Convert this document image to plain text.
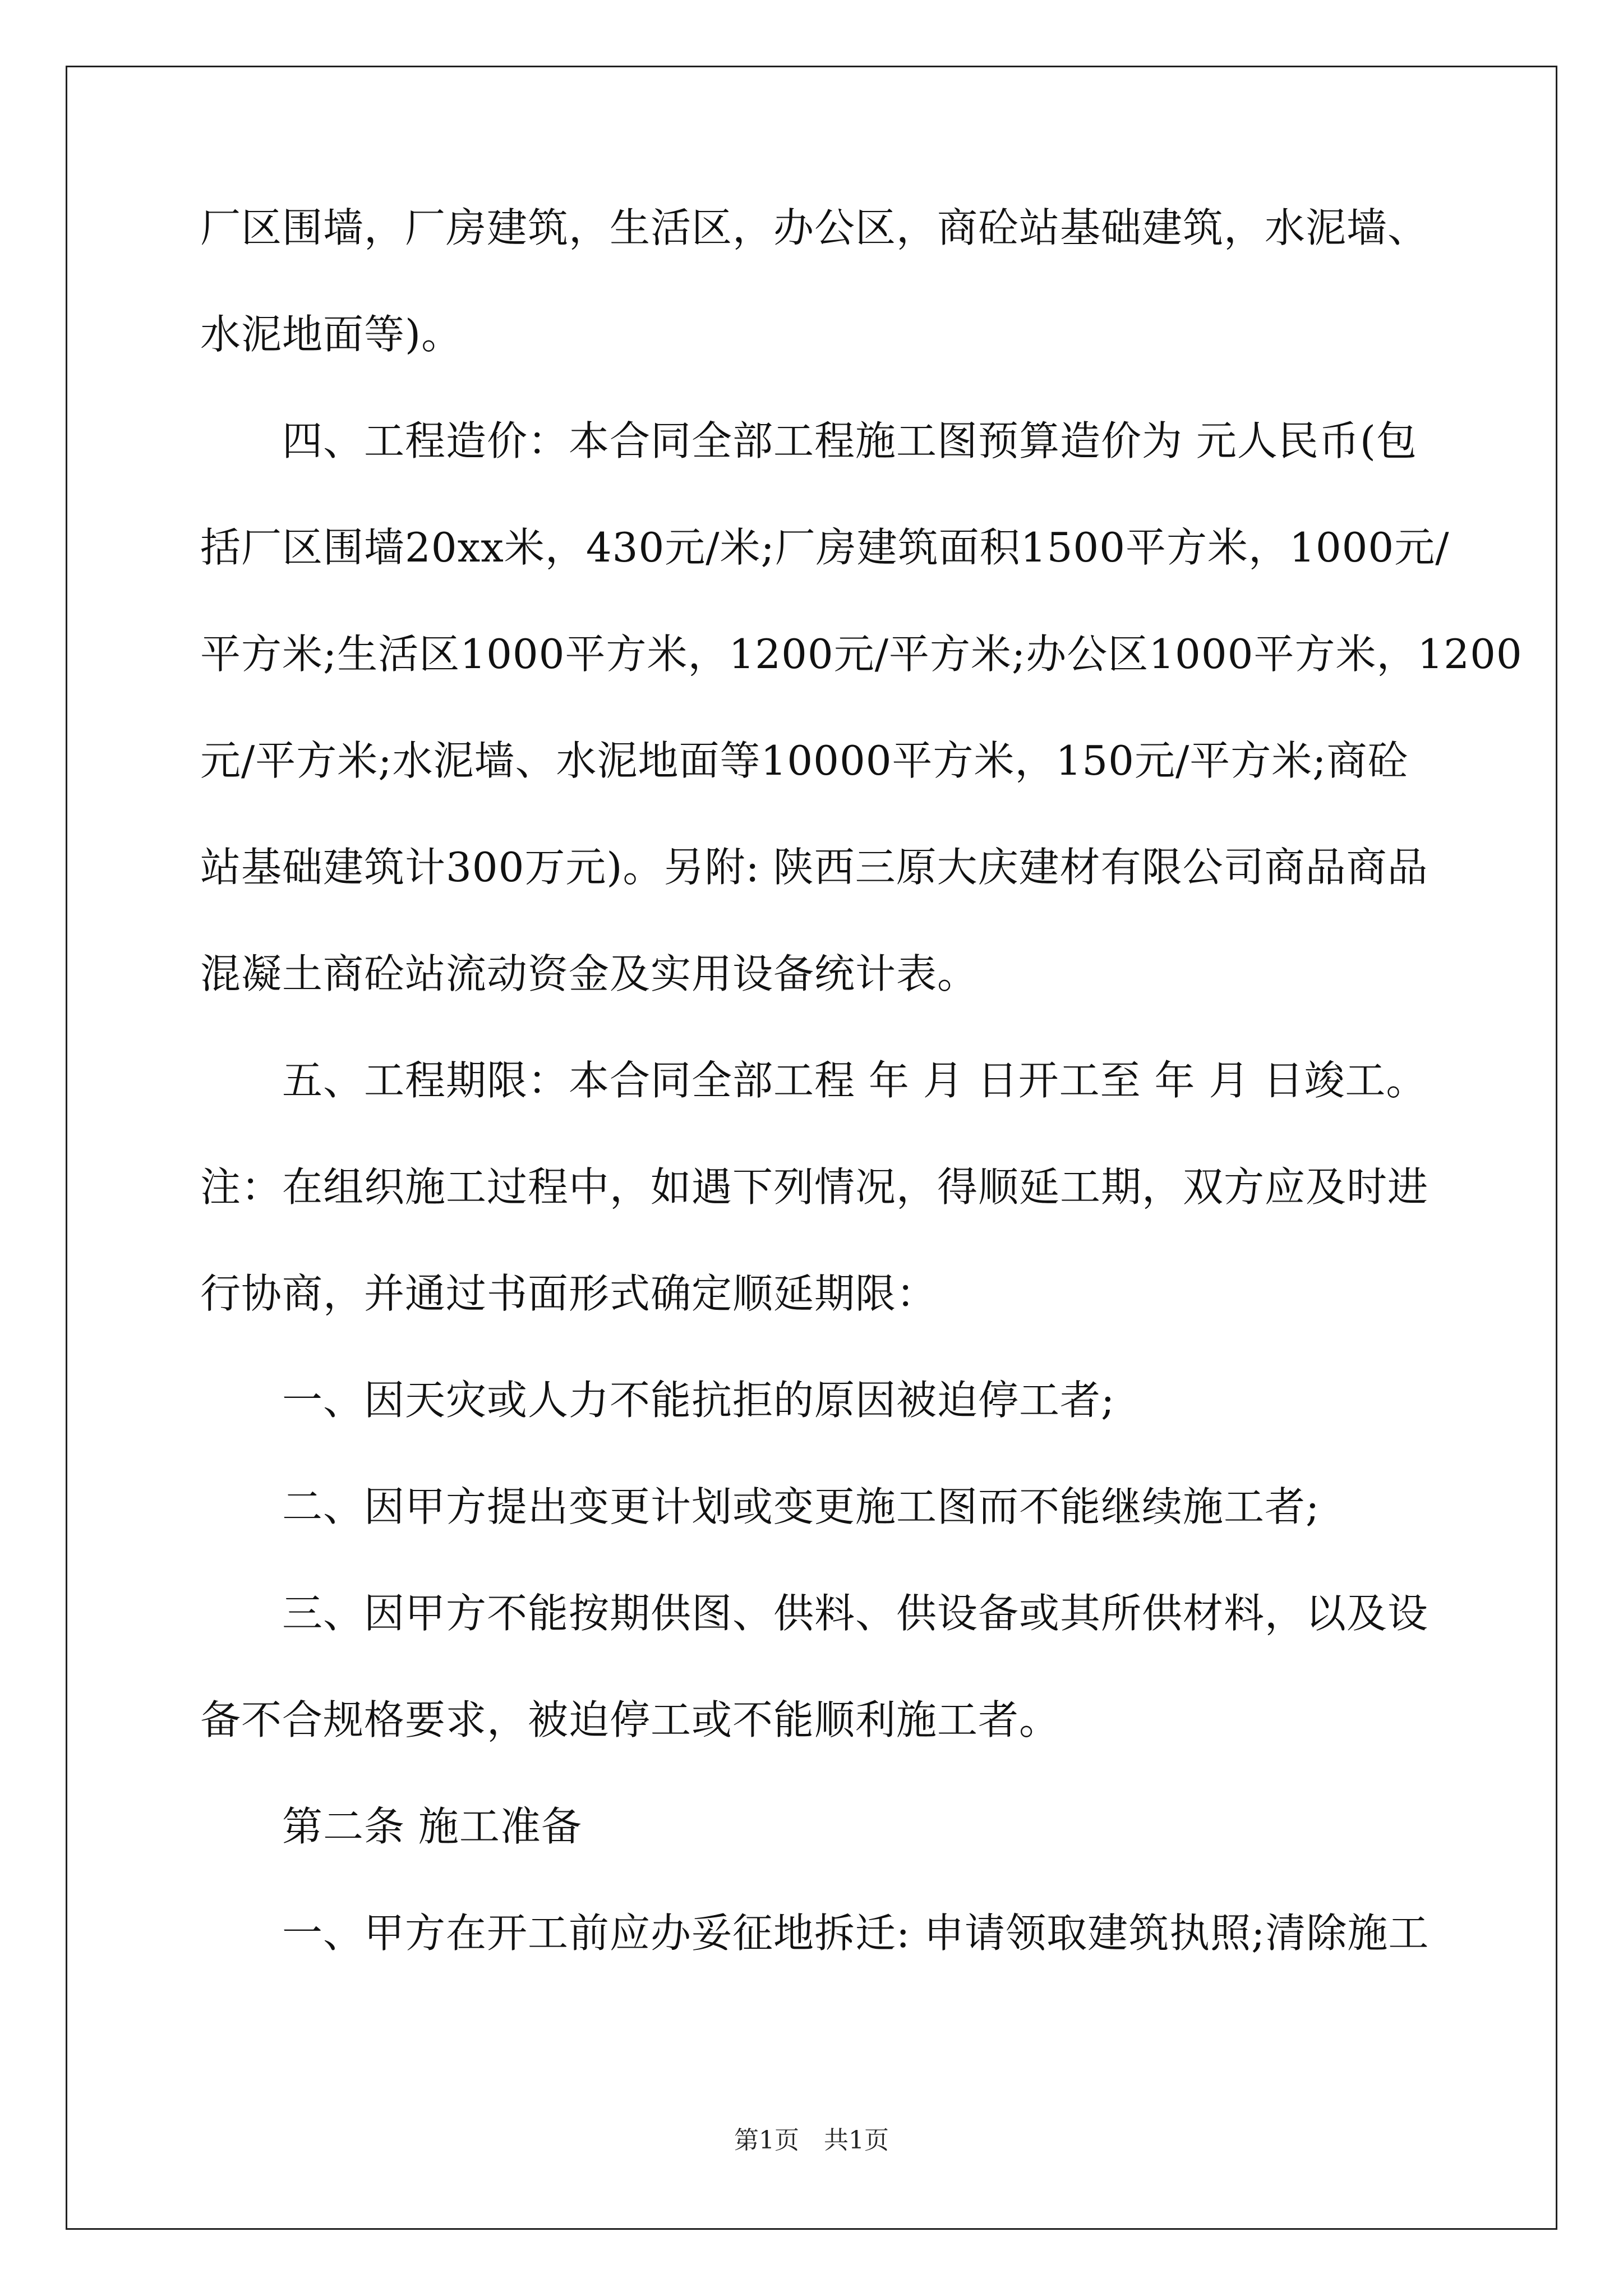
厂区围墙，厂房建筑，生活区，办公区，商砼站基础建筑，水泥墙、
水泥地面等)。
　　四、工程造价：本合同全部工程施工图预算造价为 元人民币(包
括厂区围墙20xx米，430元/米;厂房建筑面积1500平方米，1000元/
平方米;生活区1000平方米，1200元/平方米;办公区1000平方米，1200
元/平方米;水泥墙、水泥地面等10000平方米，150元/平方米;商砼
站基础建筑计300万元)。另附: 陕西三原大庆建材有限公司商品商品
混凝土商砼站流动资金及实用设备统计表。
　　五、工程期限：本合同全部工程 年 月 日开工至 年 月 日竣工。
注：在组织施工过程中，如遇下列情况，得顺延工期，双方应及时进
行协商，并通过书面形式确定顺延期限：
　　一、因天灾或人力不能抗拒的原因被迫停工者;
　　二、因甲方提出变更计划或变更施工图而不能继续施工者;
　　三、因甲方不能按期供图、供料、供设备或其所供材料，以及设
备不合规格要求，被迫停工或不能顺利施工者。
　　第二条 施工准备
　　一、甲方在开工前应办妥征地拆迁: 申请领取建筑执照;清除施工
第1页　共1页
